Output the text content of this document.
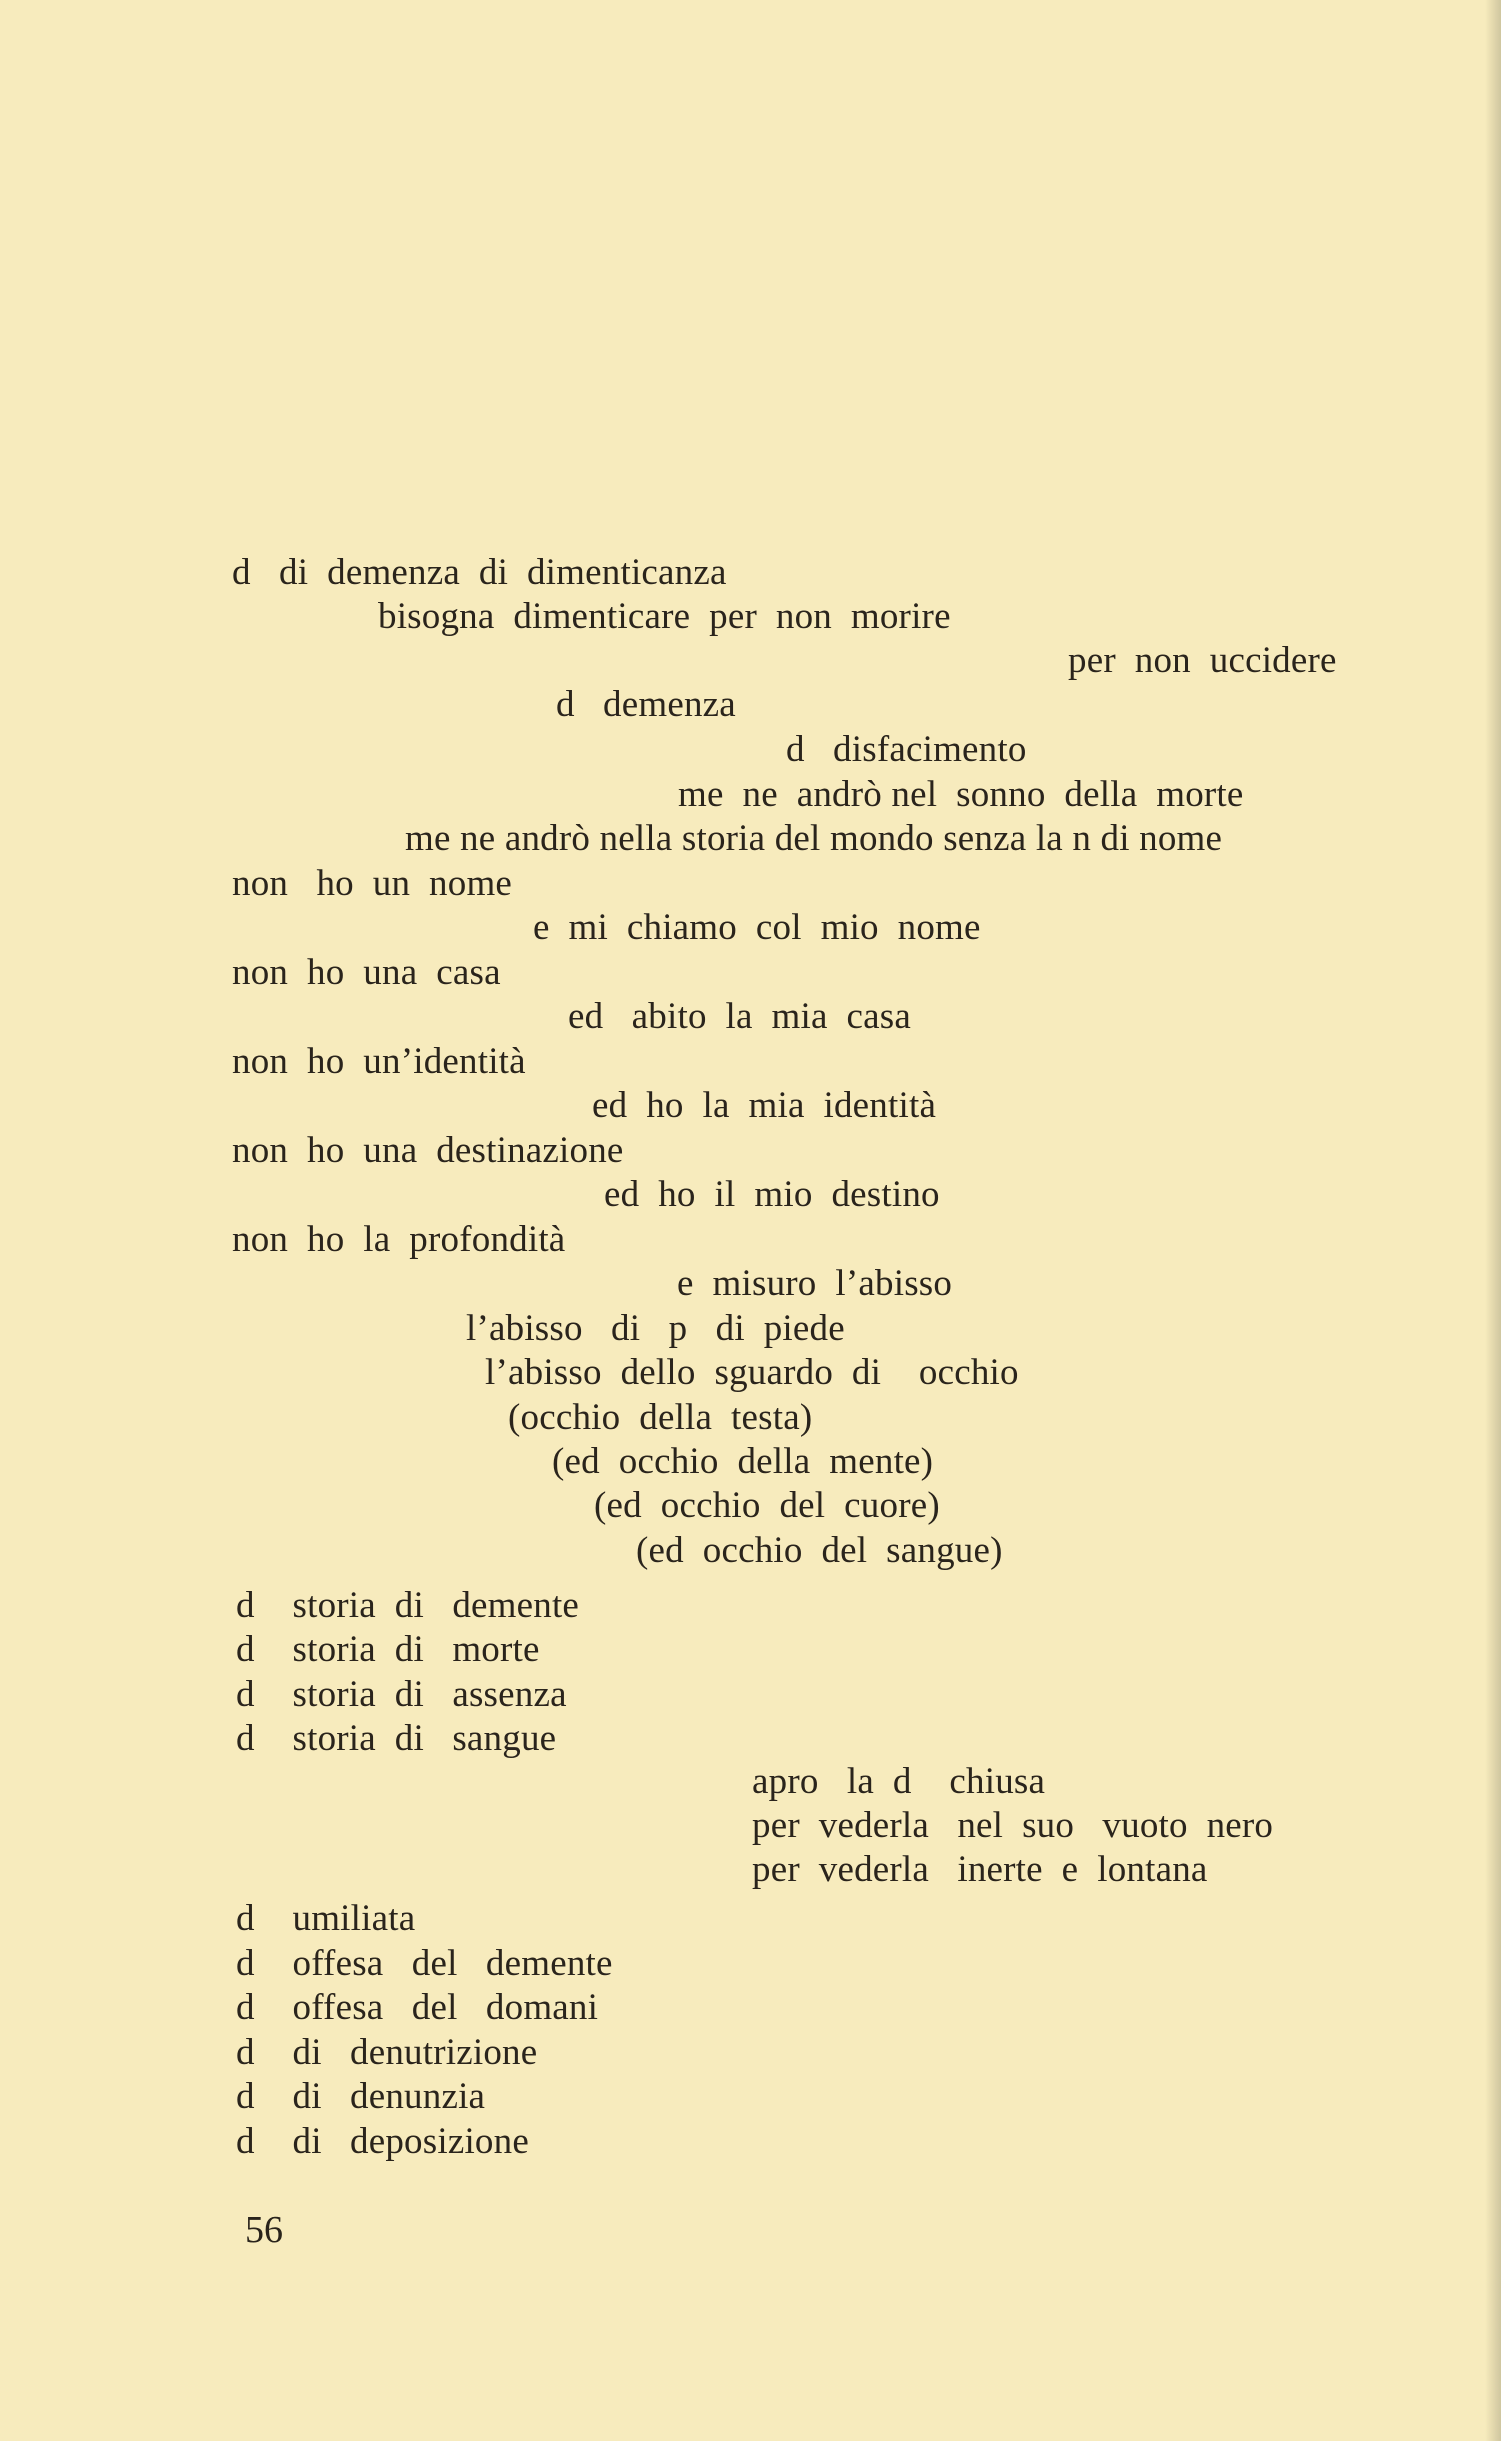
d   di  demenza  di  dimenticanza
bisogna  dimenticare  per  non  morire
per  non  uccidere
d   demenza
d   disfacimento
me  ne  andrò nel  sonno  della  morte
me ne andrò nella storia del mondo senza la n di nome
non   ho  un  nome
e  mi  chiamo  col  mio  nome
non  ho  una  casa
ed   abito  la  mia  casa
non  ho  un’identità
ed  ho  la  mia  identità
non  ho  una  destinazione
ed  ho  il  mio  destino
non  ho  la  profondità
e  misuro  l’abisso
l’abisso   di   p   di  piede
l’abisso  dello  sguardo  di    occhio
(occhio  della  testa)
(ed  occhio  della  mente)
(ed  occhio  del  cuore)
(ed  occhio  del  sangue)
d    storia  di   demente
d    storia  di   morte
d    storia  di   assenza
d    storia  di   sangue
apro   la  d    chiusa
per  vederla   nel  suo   vuoto  nero
per  vederla   inerte  e  lontana
d    umiliata
d    offesa   del   demente
d    offesa   del   domani
d    di   denutrizione
d    di   denunzia
d    di   deposizione
56
